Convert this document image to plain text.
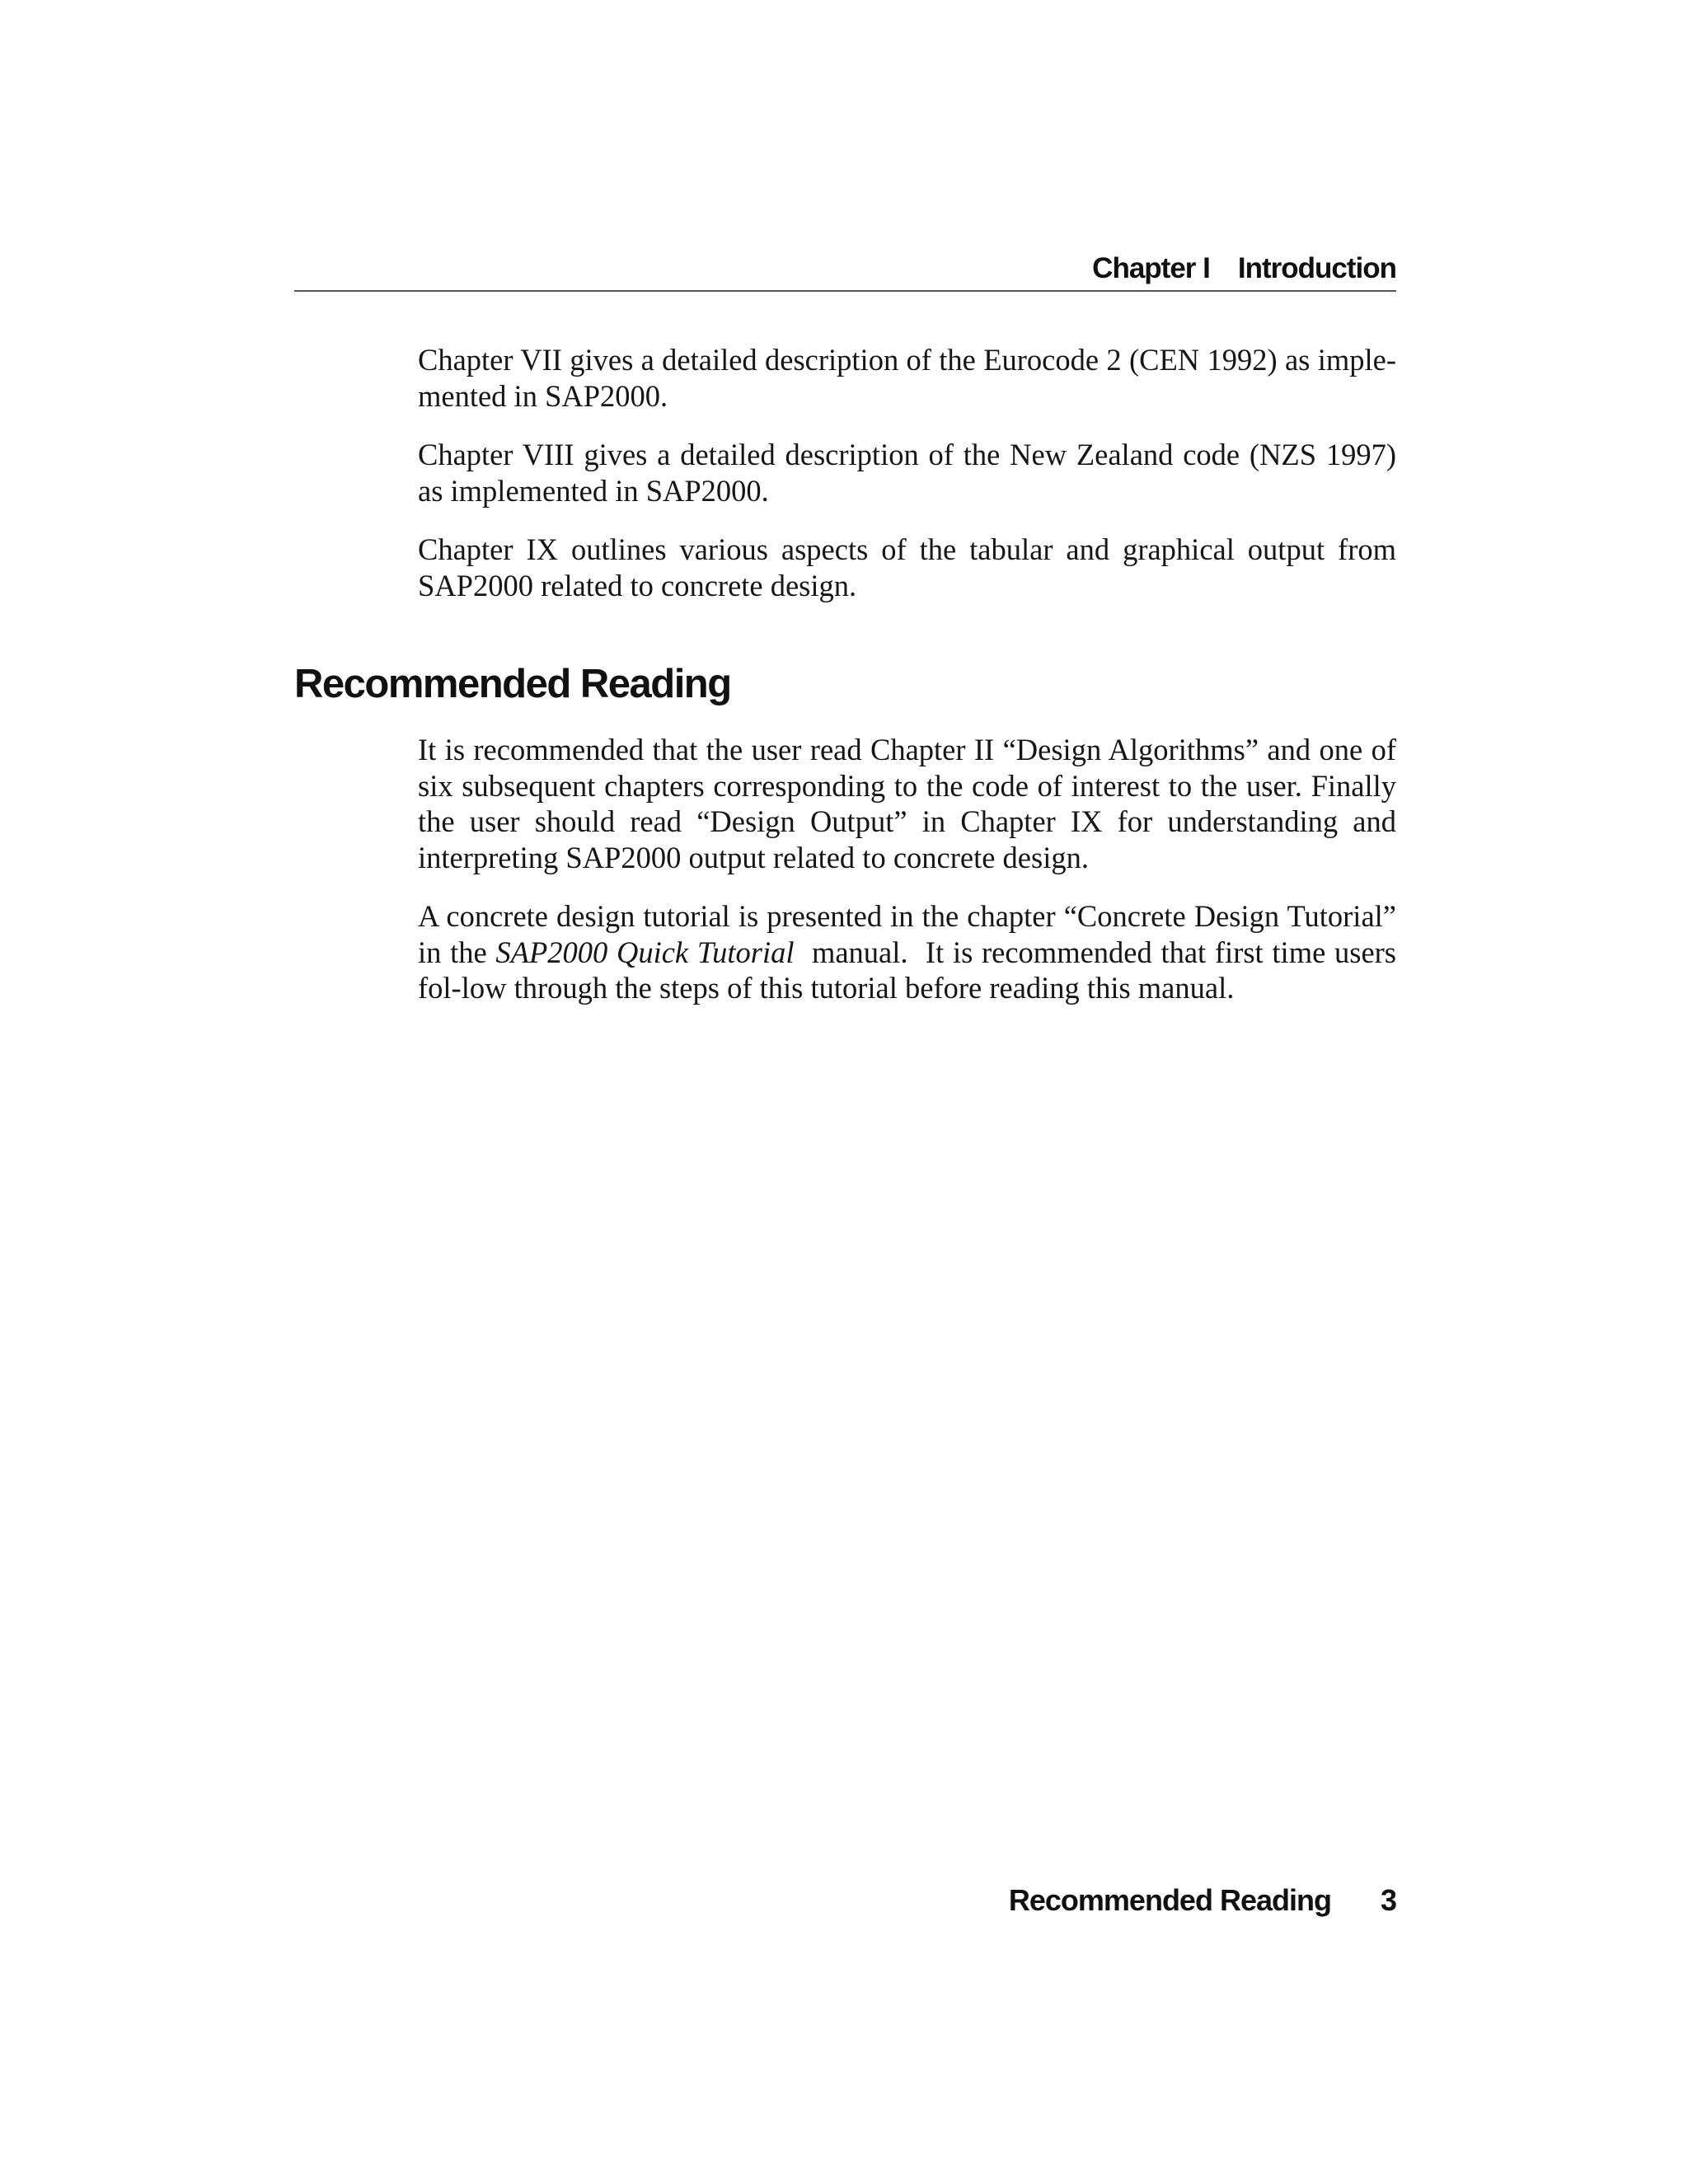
Chapter I Introduction

Chapter VII gives a detailed description of the Eurocode 2 (CEN 1992) as imple-mented in SAP2000.

Chapter VIII gives a detailed description of the New Zealand code (NZS 1997) as implemented in SAP2000.

Chapter IX outlines various aspects of the tabular and graphical output from SAP2000 related to concrete design.

Recommended Reading

It is recommended that the user read Chapter II “Design Algorithms” and one of six subsequent chapters corresponding to the code of interest to the user. Finally the user should read “Design Output” in Chapter IX for understanding and interpreting SAP2000 output related to concrete design.

A concrete design tutorial is presented in the chapter “Concrete Design Tutorial” in the SAP2000 Quick Tutorial  manual.  It is recommended that first time users fol-low through the steps of this tutorial before reading this manual.

Recommended Reading 3
